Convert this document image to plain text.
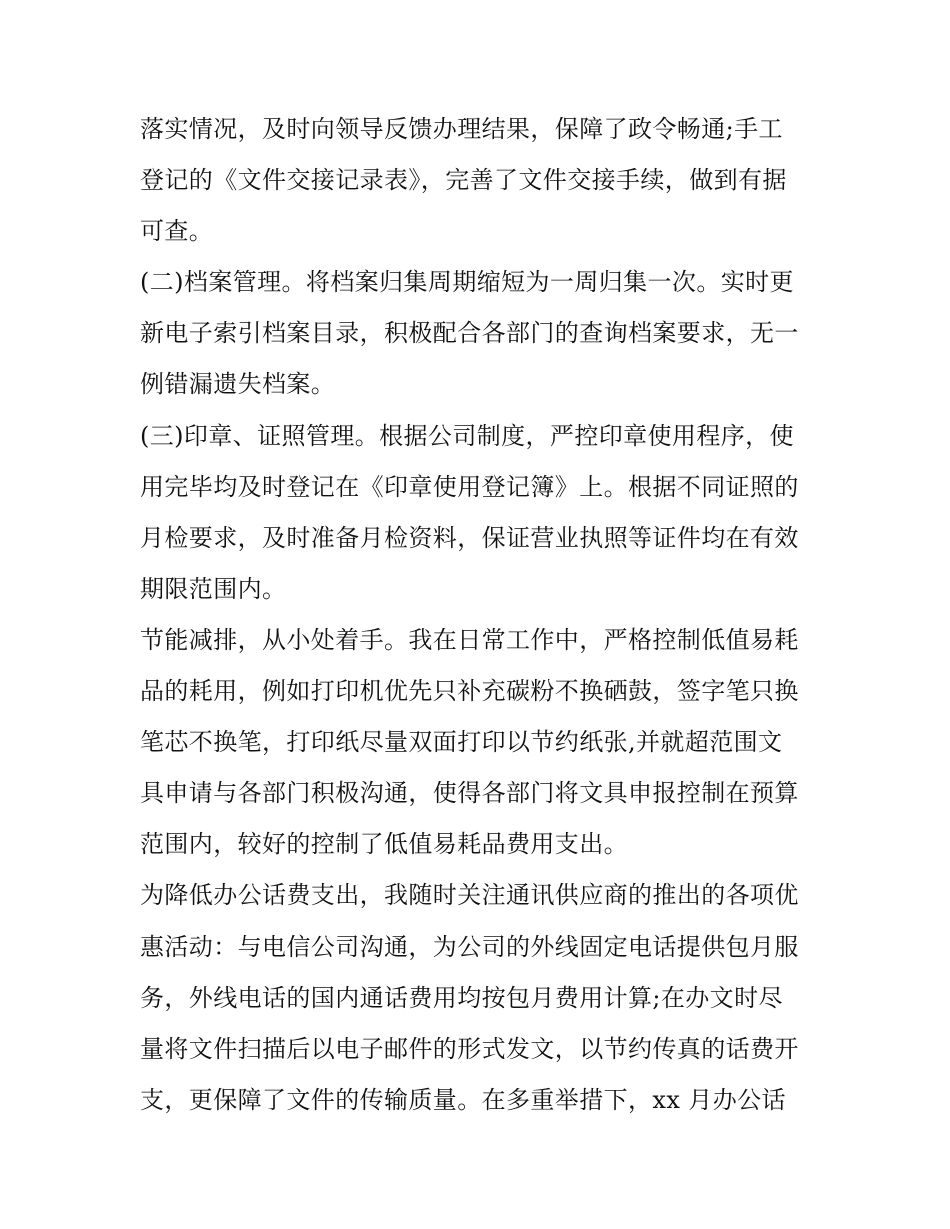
落实情况，及时向领导反馈办理结果，保障了政令畅通;手工
登记的《文件交接记录表》，完善了文件交接手续，做到有据
可查。
(二)档案管理。将档案归集周期缩短为一周归集一次。实时更
新电子索引档案目录，积极配合各部门的查询档案要求，无一
例错漏遗失档案。
(三)印章、证照管理。根据公司制度，严控印章使用程序，使
用完毕均及时登记在《印章使用登记簿》上。根据不同证照的
月检要求，及时准备月检资料，保证营业执照等证件均在有效
期限范围内。
节能减排，从小处着手。我在日常工作中，严格控制低值易耗
品的耗用，例如打印机优先只补充碳粉不换硒鼓，签字笔只换
笔芯不换笔，打印纸尽量双面打印以节约纸张,并就超范围文
具申请与各部门积极沟通，使得各部门将文具申报控制在预算
范围内，较好的控制了低值易耗品费用支出。
为降低办公话费支出，我随时关注通讯供应商的推出的各项优
惠活动：与电信公司沟通，为公司的外线固定电话提供包月服
务，外线电话的国内通话费用均按包月费用计算;在办文时尽
量将文件扫描后以电子邮件的形式发文，以节约传真的话费开
支，更保障了文件的传输质量。在多重举措下，xx 月办公话
